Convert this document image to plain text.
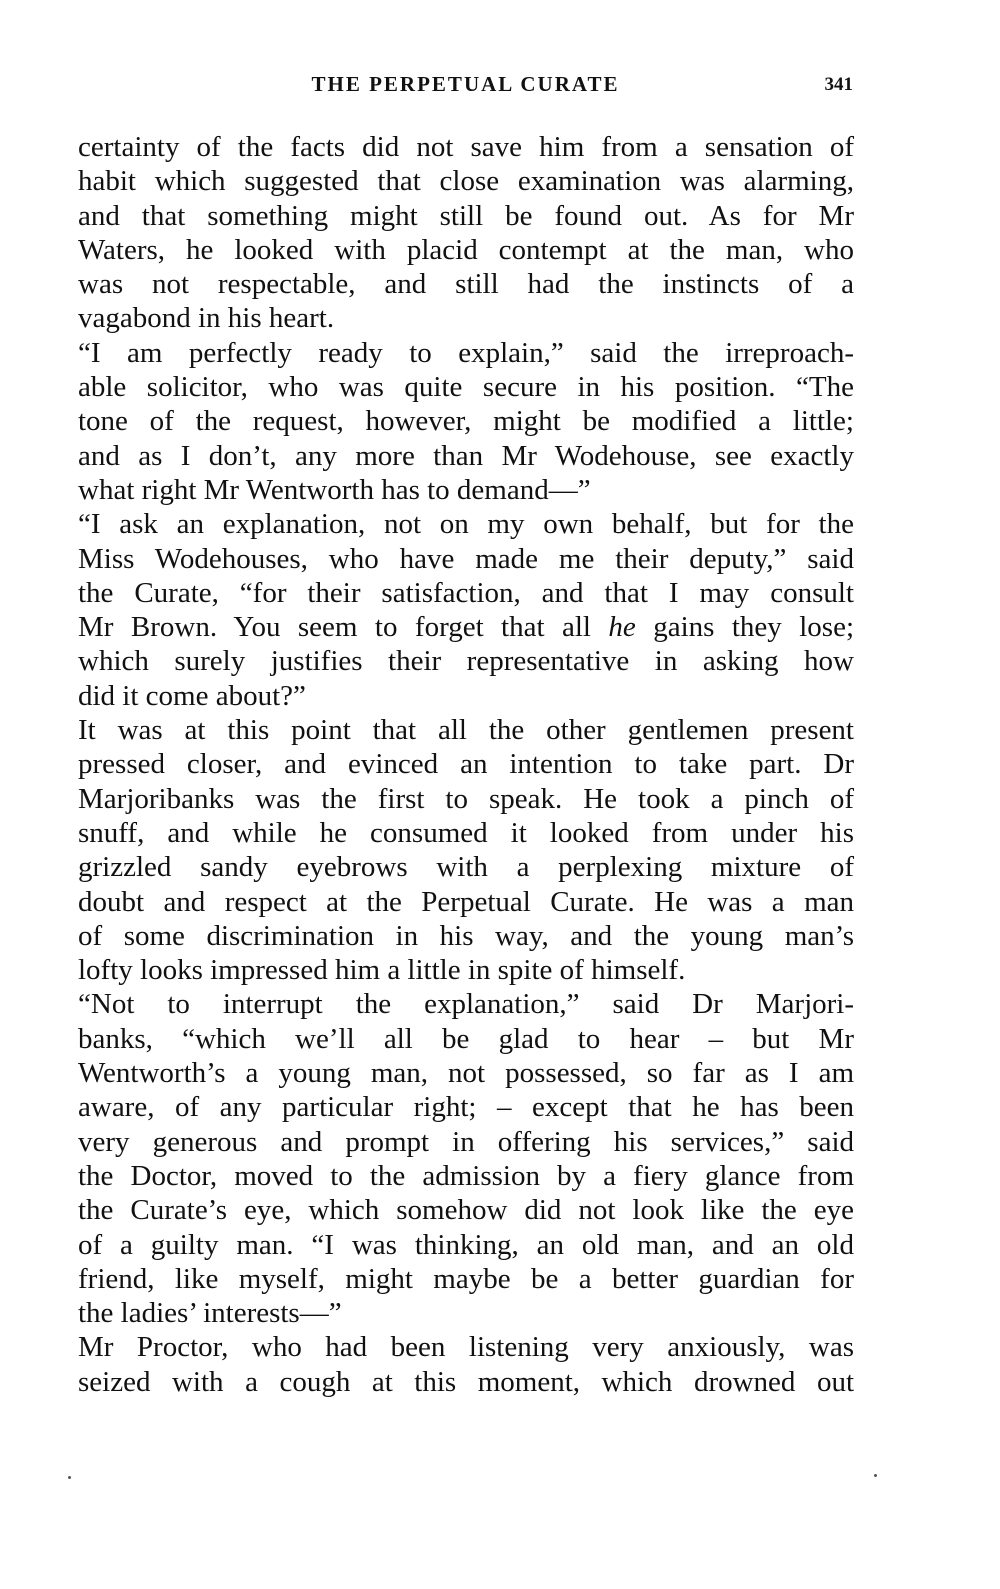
THE PERPETUAL CURATE	341
certainty of the facts did not save him from a sensation of
habit which suggested that close examination was alarming,
and that something might still be found out. As for Mr
Waters, he looked with placid contempt at the man, who
was not respectable, and still had the instincts of a
vagabond in his heart.
“I am perfectly ready to explain,” said the irreproach-
able solicitor, who was quite secure in his position. “The
tone of the request, however, might be modified a little;
and as I don’t, any more than Mr Wodehouse, see exactly
what right Mr Wentworth has to demand—”
“I ask an explanation, not on my own behalf, but for the
Miss Wodehouses, who have made me their deputy,” said
the Curate, “for their satisfaction, and that I may consult
Mr Brown. You seem to forget that all he gains they lose;
which surely justifies their representative in asking how
did it come about?”
It was at this point that all the other gentlemen present
pressed closer, and evinced an intention to take part. Dr
Marjoribanks was the first to speak. He took a pinch of
snuff, and while he consumed it looked from under his
grizzled sandy eyebrows with a perplexing mixture of
doubt and respect at the Perpetual Curate. He was a man
of some discrimination in his way, and the young man’s
lofty looks impressed him a little in spite of himself.
“Not to interrupt the explanation,” said Dr Marjori-
banks, “which we’ll all be glad to hear – but Mr
Wentworth’s a young man, not possessed, so far as I am
aware, of any particular right; – except that he has been
very generous and prompt in offering his services,” said
the Doctor, moved to the admission by a fiery glance from
the Curate’s eye, which somehow did not look like the eye
of a guilty man. “I was thinking, an old man, and an old
friend, like myself, might maybe be a better guardian for
the ladies’ interests—”
Mr Proctor, who had been listening very anxiously, was
seized with a cough at this moment, which drowned out
